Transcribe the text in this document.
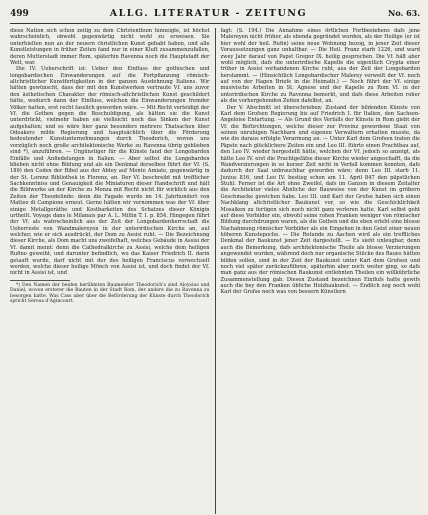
499	ALLG. LITERATUR - ZEITUNG	No. 63.

diese Nation sich schon zeitig zu dem Christenthum hinneigte, ist höchst wahrscheinlich, obwohl gegenwärtig nicht wohl zu erweisen. Sie unterhielten nun an der neuern christlichen Kunst gehabt haben, und alle Kunstleistungen in früher Zeiten fand nur in einer Kluft zusammenzufallen, deren Mutterstadt immer Rom, späterhin Ravenna noch die Hauptstadt der Welt, war.

Die IV. Ueberschrift ist: Ueber den Einfluss der gothischen und longobardischen Einwanderungen auf die Fortpflanzung römisch-altchristlicher Kunstfertigkeiten in der ganzen Ausdehnung Italiens. Wir hätten gewünscht, dass der mit den Kunstwerken vertraute Vf. uns zuvor den ästhetischen Charakter der römisch-altchristlichen Kunst geschildert hätte, wodurch dann der Einfluss, welchen die Einwanderungen fremder Völker hatten, erst recht fasslich geworden wäre. — Mit Recht verteidigt der Vf. die Gothen gegen die Beschuldigung, als hätten sie die Kunst unterdrückt, vielmehr haben sie vielleicht noch das Sinken der Kunst aufgehalten; und es wäre hier ganz besonders mehrere Thatsachen über Odoakers milde Regierung und hauptsächlich über die Förderung bedeutender Kunstunternehmungen durch Theodorich, wovon uns vorzüglich noch große architektonische Werke zu Ravenna übrig geblieben sind *), anzuführen. — Ungünstiger für die Künste fand der Longobarden Einfälle und Anfiedelungen in Italien. — Aber selbst die Longobarden blieben nicht ohne Bildung und als ein Denkmal derselben führt der Vf. (S. 189) den Codex der Bibel aus der Abtey auf Monte Amiate, gegenwärtig in der St. Lorenz Bibliothek in Florenz, an. Der Vf. beschreibt mit trefflicher Sachkenntniss und Genauigkeit die Miniaturen dieser Handschrift und hält die Bildwerke an der Kirche zu Monza mit Recht nicht für wirklich aus den Zeiten der Theodelinde: denn die Fagade wurde im 14. Jahrhundert von Matteo di Campione erneut. Gerne hätten wir vernommen was der Vf. über einige Metallgeräthe und Kostbarkeiten des Schatzes dieser Königin urtheilt. Voyage dans le Milanais par A. L. Millin T. I. p. 854. Hingegen führt der Vf. als wahrscheinlich aus der Zeit der Longobardenherrschaft die Ueberreste von Wandmalereyen in der unterirdischen Kirche an, auf welcher, wie er sich ausdrückt, der Dom zu Assisi ruht. — Die Bezeichnung dieser Kirche, als Dom macht uns zweifelhaft, welches Gebäude in Assisi der Vf. damit meint: denn die Cathedralkirche zu Assisi, welche dem heiligen Rufino geweiht, und darunter befindlich, wo das Kaiser Friedrich II. darin getauft wurde, darf nicht mit der des heiligen Franciscus verwechselt werden, welche dieser heilige Mönch von Assisi ist, und doch findet der Vf. nicht in Assisi ist, und

*) Den Namen der beiden berühmten Baumeister Theodorich's sind Aloysius und Daniel, wovon ersterer die Bauten in der Stadt Rom, der andere die zu Ravenna zu besorgen hatte. Was Cass aber über die Beförderung der Künste durch Theodorich spricht Serous d'Agincourt.

fagt: (S. 194.) Die Annahme eines örtlichen Fortbestehens dafs jene Malereyen nicht früher, als ebenda gegründet worden, als der Heilige (er ist hier wohl der heil. Rufin) seine neue Wohnung bezog, in jener Zeit dieser Voraussetzungen ganz unhaltbar. — Die Heil. Franz starb 1226, und ward zwey Jahr darauf von Papst Gregor IX. heilig gesprochen. Die Vf. hält aber wohl möglich, dafs die unterirdische Kapelle die eigentlich Crypta einer früher in Assisi vorhandenen Kirche ruht, aus der Zeit der Longobarden herstammt. — (Hinsichtlich Longobardischer Malerey verweilt der Vf. noch auf von der Hagen Briefe in die Heimath.) — Noch führt der Vf. einige musivische Arbeiten in St. Agnese und der Kapelle zu Rom VI. in der unterirdischen Kirche zu Ravenna bemerkt, und dafs diese Arbeiten roher als die vorhergehenden Zeiten dafelbst, an.

Der V. Abschnitt ist überschrieben: Zustand der bildenden Künste von Karl dem Grofsen Regierung bis auf Friedrich I. für Italien, den Sachsen-Angeloise Entartung. — Als Grund des Verfalls der Künste in Rom giebt der Vf. die Befürchtungen, welche dieser zur Provinz gewordene Staat von seinen unruhigen Nachbarn und eigenen Verwaltern erhalten musste, da wie die daraus erfolgte Verarmung an. — Unter Karl dem Grofsen traten die Päpste nach glücklichere Zeiten ein und Leo III. führte einen Prachtbau auf, den Leo IV. wieder hergestellt hätte, welchen der Vf. jedoch so anzeigt, als hätte Leo IV. erst die Prachtgefäfse dieser Kirche wieder angeschafft, da die Wandverzierungen in so kurzer Zeit nicht in Verfall kommen konnten, dafs dadurch der Saal unbrauchbar geworden wäre: denn Leo III. starb 11. Junius 816, und Leo IV. bestieg schon am 11. April 847 den päpstlichen Stuhl. Ferner ist die Art ohne Zweifel, dafs im Ganzen in diesem Zeitalter die Architektur vieles Ähnliche der Bauweise von der Kunst im gröbern Geschmacke gewichen habe. Leo III. und Karl der Grofse haben sich einen Nachklang altchristlicher Baukunst vor, so wie die Geschicklichkeit Mosaiken zu fertigen sich noch nicht ganz verloren hatte. Karl selbst geht auf diese Vorbilder ein, obwohl seine rohen Franken weniger von römischer Bildung durchdrungen waren, als die Gothen und die eben erlebt eine blosse Nachahmung römischer Vorbilder als ein Eingehen in den Geist einer neuen höheren Kunstepoche. — Die Rotunde zu Aachen wird als ein treffliches Denkmal der Baukunst jener Zeit dargestellt. — Es sieht unleugbar, denn auch die Bemerkung, dafs architektonische Theile als blosse Verzierungen angewendet wurden, während doch nur organische Stücke des Baues hätten bilden sollen, sind in der Zeit der Baukunst unter Karl dem Grofsen und noch viel später zurückzuführen, späterhin aber noch weiter ging, so dafs man ganz aus der römischen Baukunst entlehnten Theilen ein willkührliche Zusammenstellung gab. Diesen Zustand bezeichnen Einflufs hatte gewifs auch die bey den Franken übliche Holzbaukunst. — Endlich zog noch wohl Karl der Grofse noch was von bessern Künstlern
